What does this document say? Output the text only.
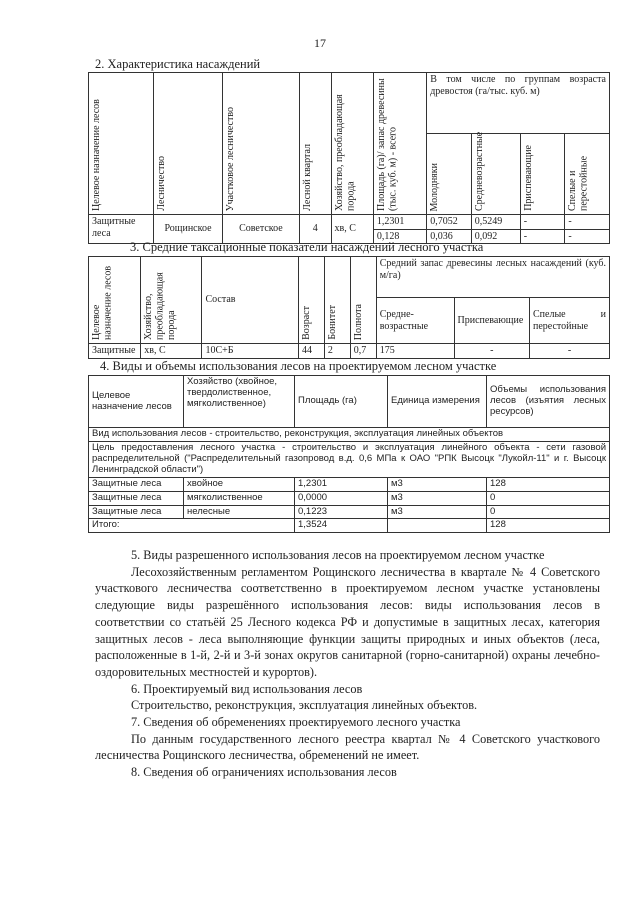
17
2. Характеристика насаждений
Целевое назначение лесов	Лесничество	Участковое лесничество	Лесной квартал	Хозяйство, преобладающая порода	Площадь (га)/ запас древесины (тыс. куб. м) - всего	В том числе по группам возраста древостоя (га/тыс. куб. м)			

						Молодняки	Средневозрастные	Приспевающие	Спелые и перестойные

Защитные леса	Рощинское	Советское	4	хв, С	1,2301	0,7052	0,5249	-	-
					0,128	0,036	0,092	-	-
3. Средние таксационные показатели насаждений лесного участка
Целевое назначение лесов	Хозяйство, преобладающая порода	Состав	Возраст	Бонитет	Полнота	Средний запас древесины лесных насаждений (куб. м/га)		
						Средне-возрастные	Приспевающие	Спелые и перестойные
Защитные	хв, С	10С+Б	44	2	0,7	175	-	-
4. Виды и объемы использования лесов на проектируемом лесном участке
Целевое назначение лесов	Хозяйство (хвойное, твердолиственное, мягколиственное)	Площадь (га)	Единица измерения	Объемы использования лесов (изъятия лесных ресурсов)
Вид использования лесов - строительство, реконструкция, эксплуатация линейных объектов				
Цель предоставления лесного участка - строительство и эксплуатация линейного объекта - сети газовой распределительной ("Распределительный газопровод в.д. 0,6 МПа к ОАО "РПК Высоцк "Лукойл-11" и г. Высоцк Ленинградской области")				
Защитные леса	хвойное	1,2301	м3	128
Защитные леса	мягколиственное	0,0000	м3	0
Защитные леса	нелесные	0,1223	м3	0
Итого:		1,3524		128

5. Виды разрешенного использования лесов на проектируемом лесном участке

Лесохозяйственным регламентом Рощинского лесничества в квартале № 4 Советского участкового лесничества соответственно в проектируемом лесном участке установлены следующие виды разрешённого использования лесов: виды использования лесов в соответствии со статьёй 25 Лесного кодекса РФ и допустимые в защитных лесах, категория защитных лесов - леса выполняющие функции защиты природных и иных объектов (леса, расположенные в 1-й, 2-й и 3-й зонах округов санитарной (горно-санитарной) охраны лечебно-оздоровительных местностей и курортов).

6. Проектируемый вид использования лесов

Строительство, реконструкция, эксплуатация линейных объектов.

7. Сведения об обременениях проектируемого лесного участка

По данным государственного лесного реестра квартал № 4 Советского участкового лесничества Рощинского лесничества, обременений не имеет.

8. Сведения об ограничениях использования лесов
